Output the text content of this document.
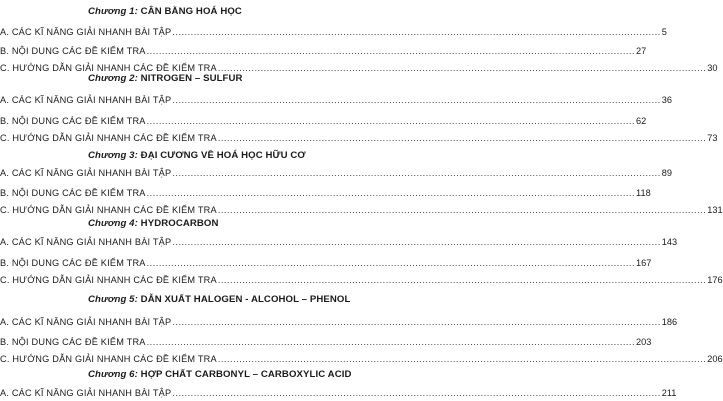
Chương 1: CÂN BẰNG HOÁ HỌC
A. CÁC KĨ NĂNG GIẢI NHANH BÀI TẬP ................................................................................................................................................................ 5
B. NỘI DUNG CÁC ĐỀ KIỂM TRA ................................................................................................................................................................ 27
C. HƯỚNG DẪN GIẢI NHANH CÁC ĐỀ KIỂM TRA ................................................................................................................................................................ 30
Chương 2: NITROGEN – SULFUR
A. CÁC KĨ NĂNG GIẢI NHANH BÀI TẬP ................................................................................................................................................................ 36
B. NỘI DUNG CÁC ĐỀ KIỂM TRA ................................................................................................................................................................ 62
C. HƯỚNG DẪN GIẢI NHANH CÁC ĐỀ KIỂM TRA ................................................................................................................................................................ 73
Chương 3: ĐẠI CƯƠNG VỀ HOÁ HỌC HỮU CƠ
A. CÁC KĨ NĂNG GIẢI NHANH BÀI TẬP ................................................................................................................................................................ 89
B. NỘI DUNG CÁC ĐỀ KIỂM TRA ................................................................................................................................................................ 118
C. HƯỚNG DẪN GIẢI NHANH CÁC ĐỀ KIỂM TRA ................................................................................................................................................................ 131
Chương 4: HYDROCARBON
A. CÁC KĨ NĂNG GIẢI NHANH BÀI TẬP ................................................................................................................................................................ 143
B. NỘI DUNG CÁC ĐỀ KIỂM TRA ................................................................................................................................................................ 167
C. HƯỚNG DẪN GIẢI NHANH CÁC ĐỀ KIỂM TRA ................................................................................................................................................................ 176
Chương 5: DẪN XUẤT HALOGEN - ALCOHOL – PHENOL
A. CÁC KĨ NĂNG GIẢI NHANH BÀI TẬP ................................................................................................................................................................ 186
B. NỘI DUNG CÁC ĐỀ KIỂM TRA ................................................................................................................................................................ 203
C. HƯỚNG DẪN GIẢI NHANH CÁC ĐỀ KIỂM TRA ................................................................................................................................................................ 206
Chương 6: HỢP CHẤT CARBONYL – CARBOXYLIC ACID
A. CÁC KĨ NĂNG GIẢI NHANH BÀI TẬP ................................................................................................................................................................ 211
